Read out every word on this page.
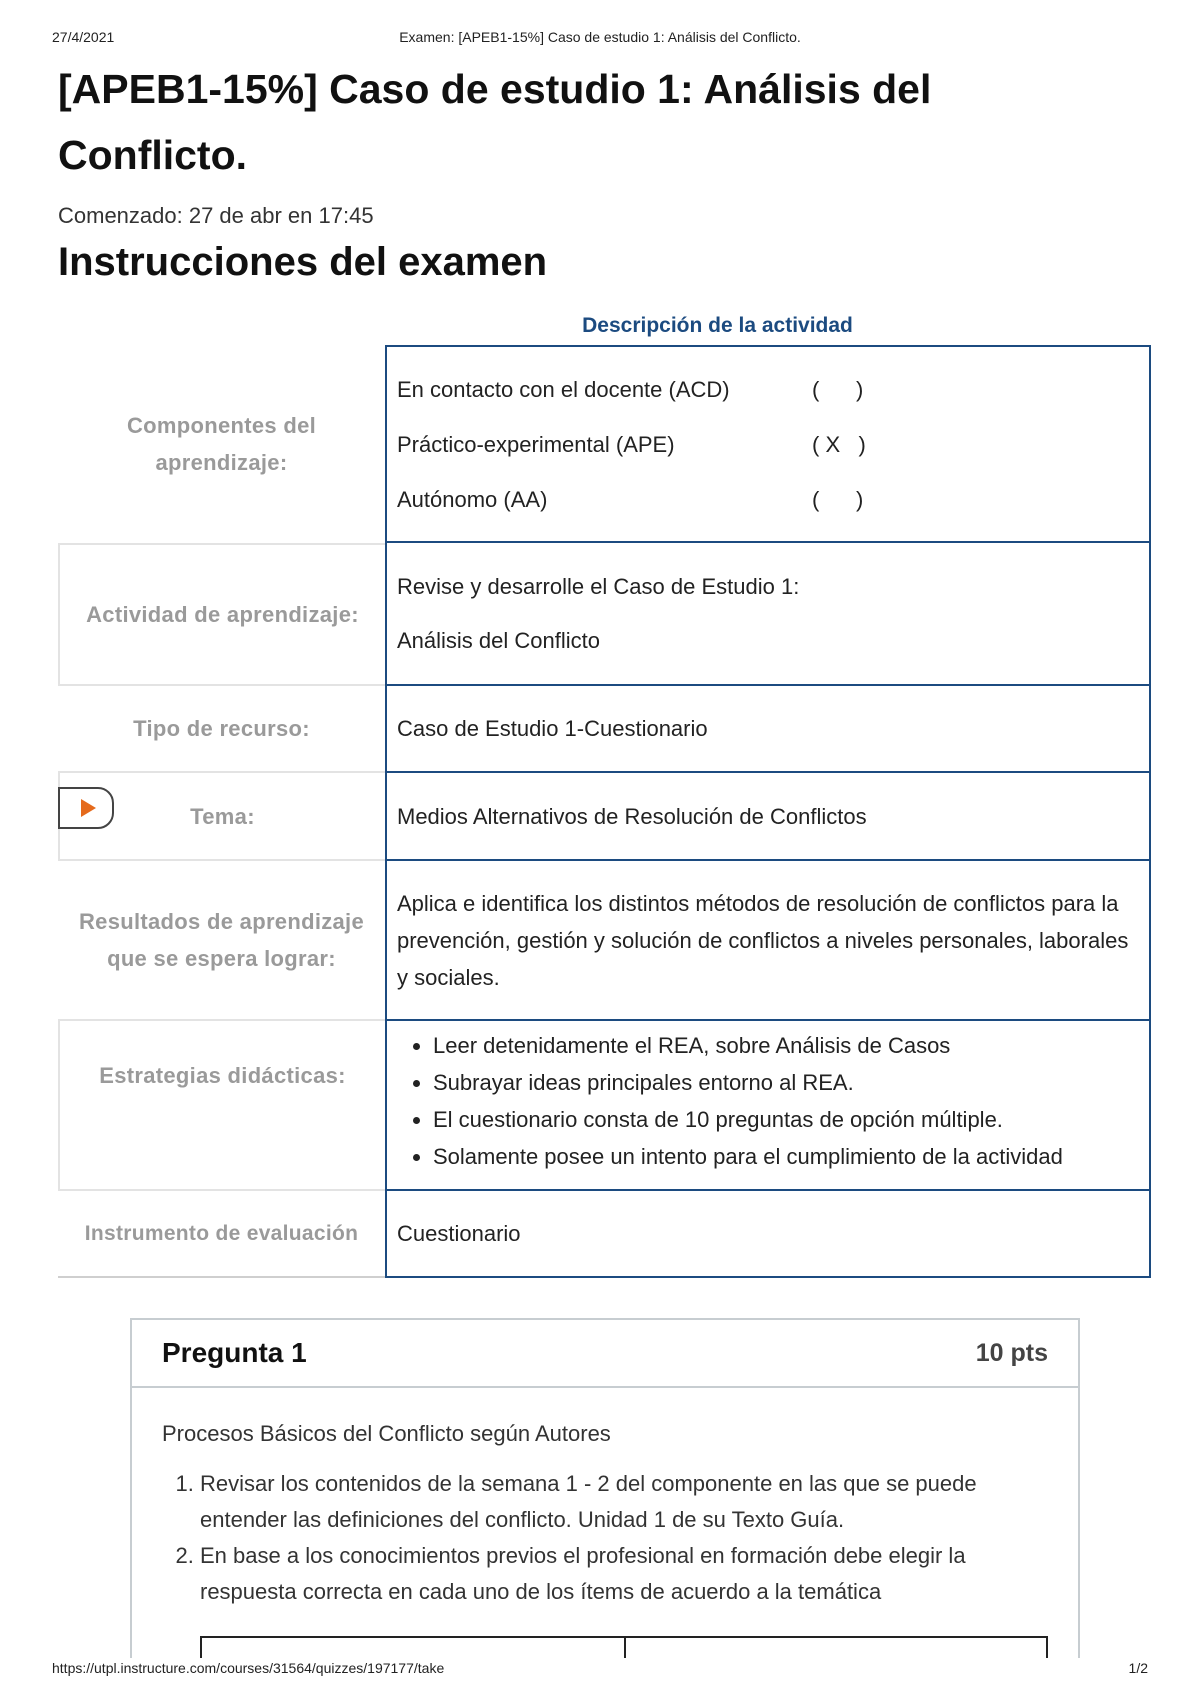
27/4/2021	Examen: [APEB1-15%] Caso de estudio 1: Análisis del Conflicto.
[APEB1-15%] Caso de estudio 1: Análisis del Conflicto.
Comenzado: 27 de abr en 17:45
Instrucciones del examen
Descripción de la actividad
Componentes del aprendizaje:
En contacto con el docente (ACD)	(      )
Práctico-experimental (APE)	( X   )
Autónomo (AA)	(      )
Actividad de aprendizaje:
Revise y desarrolle el Caso de Estudio 1:
Análisis del Conflicto
Tipo de recurso:	Caso de Estudio 1-Cuestionario
Tema:	Medios Alternativos de Resolución de Conflictos
Resultados de aprendizaje que se espera lograr:
Aplica e identifica los distintos métodos de resolución de conflictos para la prevención, gestión y solución de conflictos a niveles personales, laborales y sociales.
Estrategias didácticas:
• Leer detenidamente el REA, sobre Análisis de Casos
• Subrayar ideas principales entorno al REA.
• El cuestionario consta de 10 preguntas de opción múltiple.
• Solamente posee un intento para el cumplimiento de la actividad
Instrumento de evaluación	Cuestionario
Pregunta 1	10 pts

Procesos Básicos del Conflicto según Autores

1. Revisar los contenidos de la semana 1 - 2 del componente en las que se puede entender las definiciones del conflicto. Unidad 1 de su Texto Guía.
2. En base a los conocimientos previos el profesional en formación debe elegir la respuesta correcta en cada uno de los ítems de acuerdo a la temática
https://utpl.instructure.com/courses/31564/quizzes/197177/take	1/2
